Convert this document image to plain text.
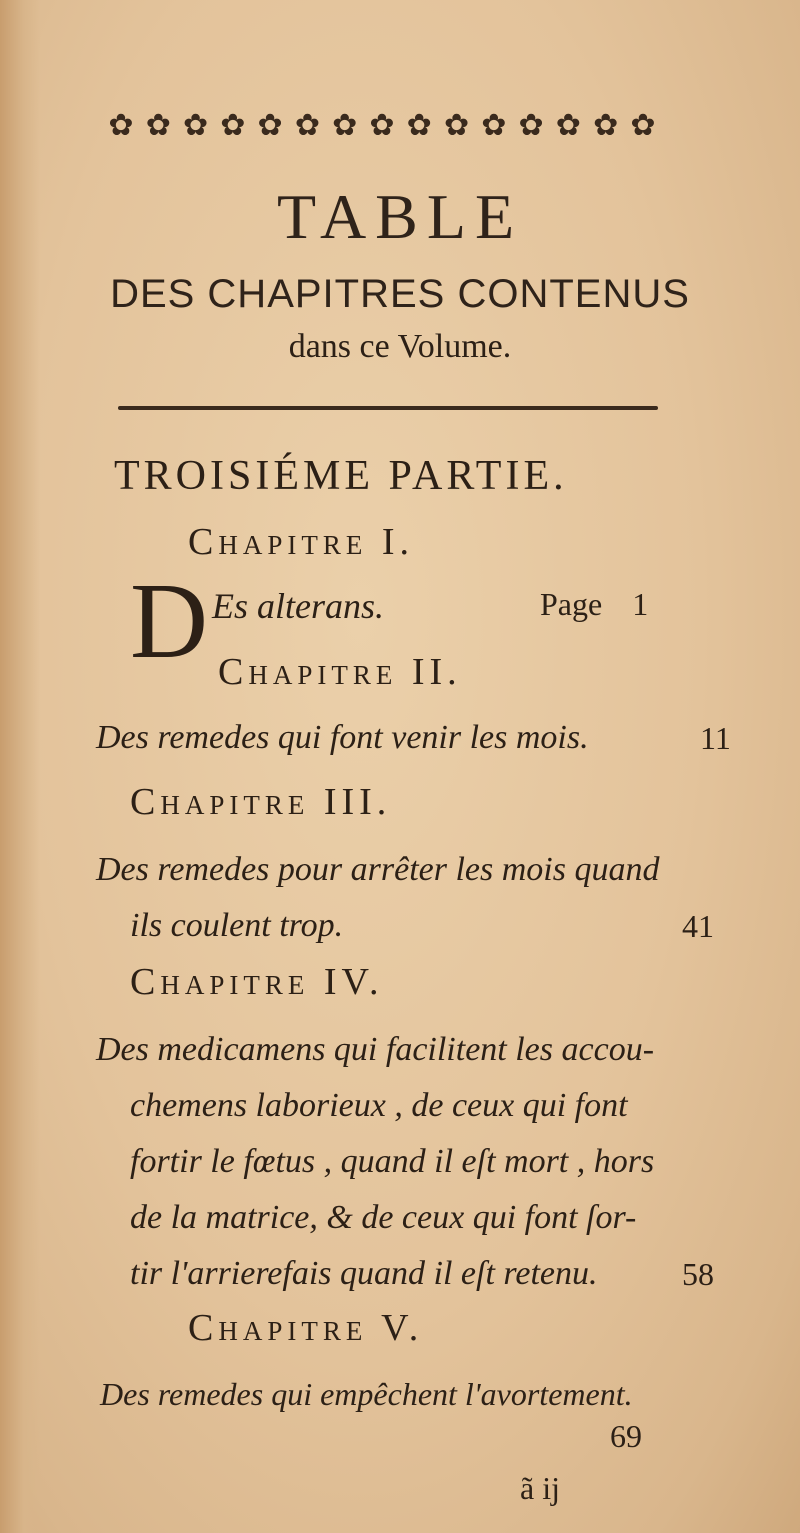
✿ ✿ ✿ ✿ ✿ ✿ ✿ ✿ ✿ ✿ ✿ ✿ ✿ ✿ ✿
TABLE
DES CHAPITRES CONTENUS
dans ce Volume.
TROISIÉME PARTIE.
Chapitre I.
D Es alterans.	Page 1
Chapitre II.
Des remedes qui font venir les mois.	11
Chapitre III.
Des remedes pour arrêter les mois quand
ils coulent trop.	41
Chapitre IV.
Des medicamens qui facilitent les accou-
chemens laborieux , de ceux qui font
fortir le fœtus , quand il eſt mort , hors
de la matrice, & de ceux qui font ſor-
tir l'arrierefais quand il eſt retenu.	58
Chapitre V.
Des remedes qui empêchent l'avortement.
69
ã ij
